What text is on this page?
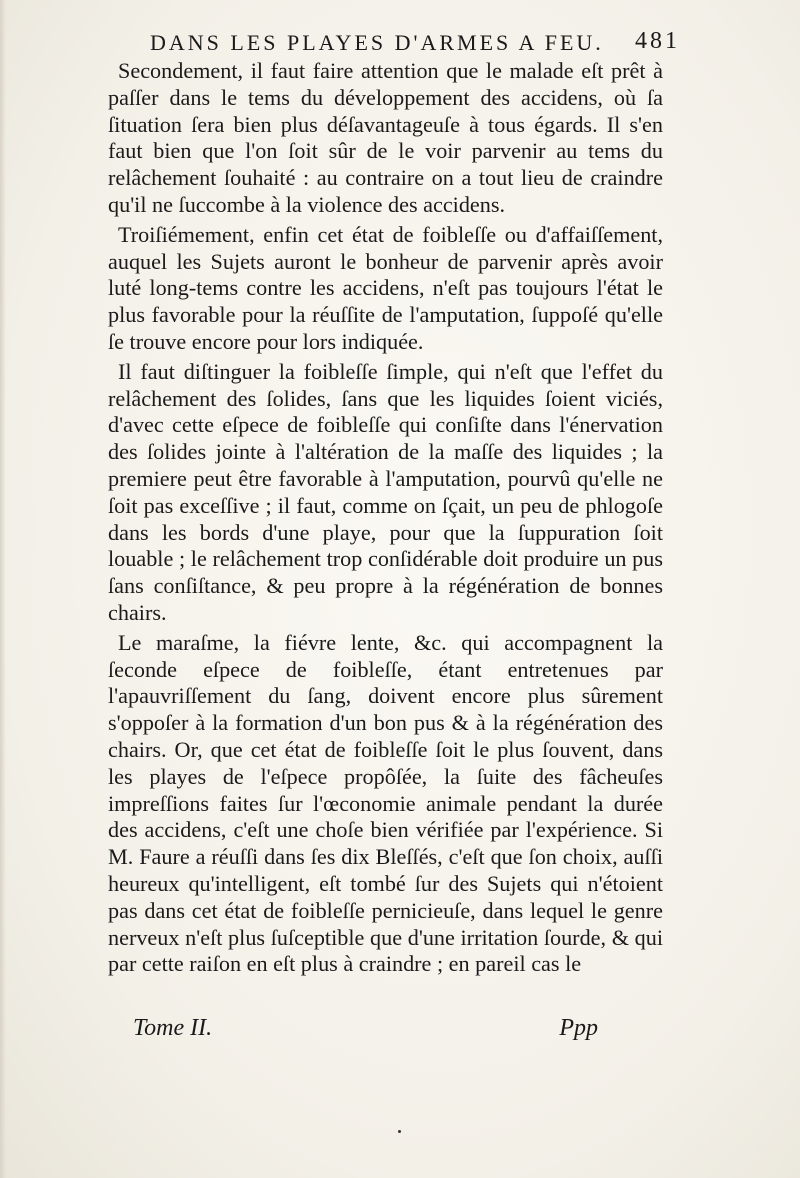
DANS LES PLAYES D'ARMES A FEU. 481

Secondement, il faut faire attention que le malade eſt prêt à paſſer dans le tems du développement des accidens, où ſa ſituation ſera bien plus déſavantageuſe à tous égards. Il s'en faut bien que l'on ſoit sûr de le voir parvenir au tems du relâchement ſouhaité : au contraire on a tout lieu de craindre qu'il ne ſuccombe à la violence des accidens.

Troiſiémement, enfin cet état de foibleſſe ou d'affaiſſement, auquel les Sujets auront le bonheur de parvenir après avoir luté long-tems contre les accidens, n'eſt pas toujours l'état le plus favorable pour la réuſſite de l'amputation, ſuppoſé qu'elle ſe trouve encore pour lors indiquée.

Il faut diſtinguer la foibleſſe ſimple, qui n'eſt que l'effet du relâchement des ſolides, ſans que les liquides ſoient viciés, d'avec cette eſpece de foibleſſe qui conſiſte dans l'énervation des ſolides jointe à l'altération de la maſſe des liquides ; la premiere peut être favorable à l'amputation, pourvû qu'elle ne ſoit pas exceſſive ; il faut, comme on ſçait, un peu de phlogoſe dans les bords d'une playe, pour que la ſuppuration ſoit louable ; le relâchement trop conſidérable doit produire un pus ſans conſiſtance, & peu propre à la régénération de bonnes chairs.

Le maraſme, la fiévre lente, &c. qui accompagnent la ſeconde eſpece de foibleſſe, étant entretenues par l'apauvriſſement du ſang, doivent encore plus sûrement s'oppoſer à la formation d'un bon pus & à la régénération des chairs. Or, que cet état de foibleſſe ſoit le plus ſouvent, dans les playes de l'eſpece propôſée, la ſuite des fâcheuſes impreſſions faites ſur l'œconomie animale pendant la durée des accidens, c'eſt une choſe bien vérifiée par l'expérience. Si M. Faure a réuſſi dans ſes dix Bleſſés, c'eſt que ſon choix, auſſi heureux qu'intelligent, eſt tombé ſur des Sujets qui n'étoient pas dans cet état de foibleſſe pernicieuſe, dans lequel le genre nerveux n'eſt plus ſuſceptible que d'une irritation ſourde, & qui par cette raiſon en eſt plus à craindre ; en pareil cas le

Tome II.	Ppp
